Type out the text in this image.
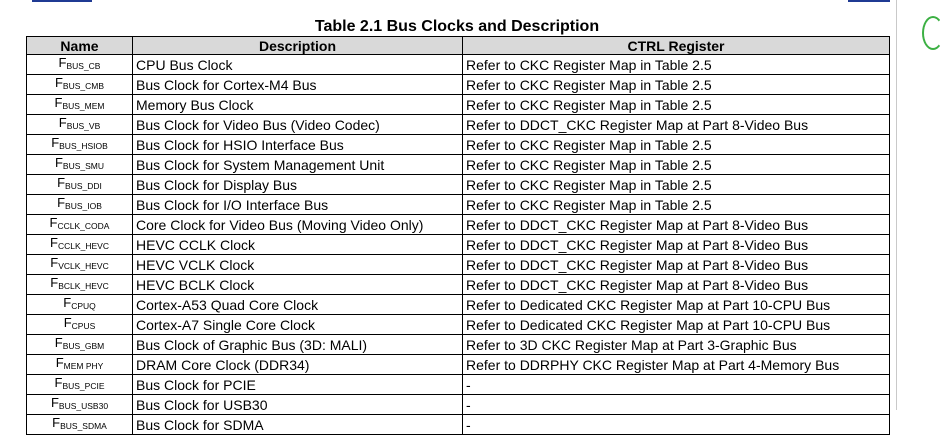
Table 2.1 Bus Clocks and Description
Name	Description	CTRL Register
$F_{BUS\_CB}$	CPU Bus Clock	Refer to CKC Register Map in Table 2.5
$F_{BUS\_CMB}$	Bus Clock for Cortex-M4 Bus	Refer to CKC Register Map in Table 2.5
$F_{BUS\_MEM}$	Memory Bus Clock	Refer to CKC Register Map in Table 2.5
$F_{BUS\_VB}$	Bus Clock for Video Bus (Video Codec)	Refer to DDCT_CKC Register Map at Part 8-Video Bus
$F_{BUS\_HSIOB}$	Bus Clock for HSIO Interface Bus	Refer to CKC Register Map in Table 2.5
$F_{BUS\_SMU}$	Bus Clock for System Management Unit	Refer to CKC Register Map in Table 2.5
$F_{BUS\_DDI}$	Bus Clock for Display Bus	Refer to CKC Register Map in Table 2.5
$F_{BUS\_IOB}$	Bus Clock for I/O Interface Bus	Refer to CKC Register Map in Table 2.5
$F_{CCLK\_CODA}$	Core Clock for Video Bus (Moving Video Only)	Refer to DDCT_CKC Register Map at Part 8-Video Bus
$F_{CCLK\_HEVC}$	HEVC CCLK Clock	Refer to DDCT_CKC Register Map at Part 8-Video Bus
$F_{VCLK\_HEVC}$	HEVC VCLK Clock	Refer to DDCT_CKC Register Map at Part 8-Video Bus
$F_{BCLK\_HEVC}$	HEVC BCLK Clock	Refer to DDCT_CKC Register Map at Part 8-Video Bus
$F_{CPUQ}$	Cortex-A53 Quad Core Clock	Refer to Dedicated CKC Register Map at Part 10-CPU Bus
$F_{CPUS}$	Cortex-A7 Single Core Clock	Refer to Dedicated CKC Register Map at Part 10-CPU Bus
$F_{BUS\_GBM}$	Bus Clock of Graphic Bus (3D: MALI)	Refer to 3D CKC Register Map at Part 3-Graphic Bus
$F_{MEM PHY}$	DRAM Core Clock (DDR34)	Refer to DDRPHY CKC Register Map at Part 4-Memory Bus
$F_{BUS\_PCIE}$	Bus Clock for PCIE	-
$F_{BUS\_USB30}$	Bus Clock for USB30	-
$F_{BUS\_SDMA}$	Bus Clock for SDMA	-
